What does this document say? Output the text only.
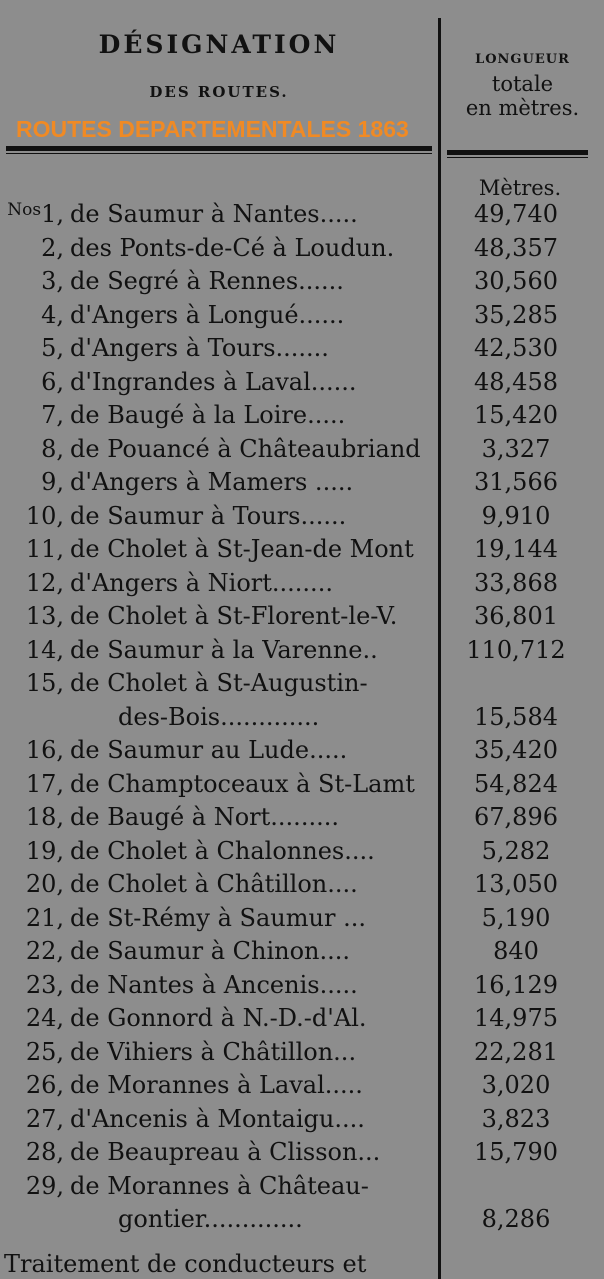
DÉSIGNATION
DES ROUTES.
LONGUEUR
totale
en mètres.
ROUTES DEPARTEMENTALES 1863
Mètres.
$^{Nos}$1, de Saumur à Nantes.....	49,740
2, des Ponts-de-Cé à Loudun.	48,357
3, de Segré à Rennes......	30,560
4, d'Angers à Longué......	35,285
5, d'Angers à Tours.......	42,530
6, d'Ingrandes à Laval......	48,458
7, de Baugé à la Loire.....	15,420
8, de Pouancé à Châteaubriand	3,327
9, d'Angers à Mamers .....	31,566
10, de Saumur à Tours......	9,910
11, de Cholet à St-Jean-de Mont	19,144
12, d'Angers à Niort........	33,868
13, de Cholet à St-Florent-le-V.	36,801
14, de Saumur à la Varenne..	110,712
15, de Cholet à St-Augustin-
des-Bois.............	15,584
16, de Saumur au Lude.....	35,420
17, de Champtoceaux à St-Lamt	54,824
18, de Baugé à Nort.........	67,896
19, de Cholet à Chalonnes....	5,282
20, de Cholet à Châtillon....	13,050
21, de St-Rémy à Saumur ...	5,190
22, de Saumur à Chinon....	840
23, de Nantes à Ancenis.....	16,129
24, de Gonnord à N.-D.-d'Al.	14,975
25, de Vihiers à Châtillon...	22,281
26, de Morannes à Laval.....	3,020
27, d'Ancenis à Montaigu....	3,823
28, de Beaupreau à Clisson...	15,790
29, de Morannes à Château-
gontier.............	8,286
Traitement de conducteurs et
